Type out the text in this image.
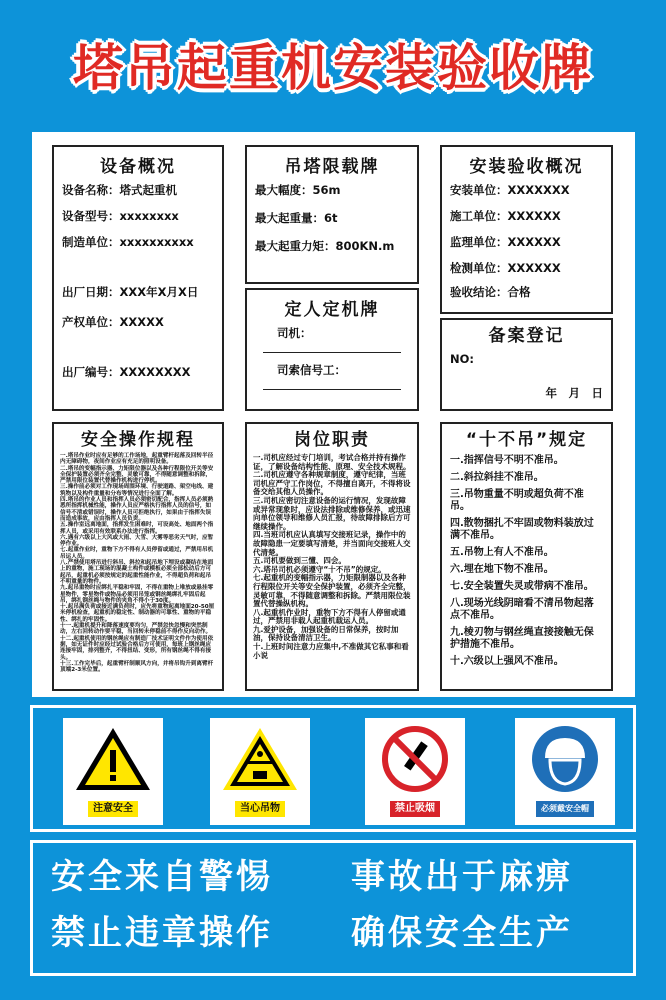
塔吊起重机安装验收牌
设备概况
设备名称：塔式起重机
设备型号：xxxxxxxx
制造单位：xxxxxxxxxx
出厂日期：XXX年X月X日
产权单位：XXXXX
出厂编号：XXXXXXXX
吊塔限载牌
最大幅度：56m
最大起重量：6t
最大起重力矩：800KN.m
定人定机牌
司机：
司索信号工：
安装验收概况
安装单位：XXXXXXX
施工单位：XXXXXX
监理单位：XXXXXX
检测单位：XXXXXX
验收结论：合格
备案登记
NO:
年　月　日
安全操作规程

一.塔吊作业时应有足够的工作场地，起重臂杆起落及回转半径内无障碍物，夜间作业应有充足的照明设备。

二.塔吊的变幅指示器、力矩限位器以及各种行程限位开关等安全保护装置必须齐全完整、灵敏可靠，不得随意调整和拆除，严禁用限位装置代替操作机构进行停机。

三.操作前必须对工作现场周围环境、行驶道路、架空电线、建筑物以及构件重量和分布等情况进行全面了解。

四.塔吊的作业人员和指挥人员必须密切配合，指挥人员必须熟悉所指挥机械性能，操作人员应严格执行指挥人员的信号，如信号不清或错误时，操作人员可拒绝执行，如果由于指挥失误而造成事故，应由指挥人员负责。

五.操作室远离地面，指挥发生困难时，可设高处、地面两个指挥人员，或采用有效联系办法进行指挥。

六.遇有六级以上大风或大雨、大雪、大雾等恶劣天气时，应暂停作业。

七.起重作业时，重物下方不得有人员停留或通过，严禁用吊机吊运人员。

八.严禁使用塔吊进行斜吊、斜拉和起吊地下埋设或凝结在地面上的重物，施工现场的混凝土构件或模板必须全部松动后方可起吊，起重机必须按规定的起重性能作业，不得超负荷和起吊不明重量的物件。

九.起吊重物时应绑扎平稳和牢固，不得在重物上堆放或悬挂零星物件，零星物件或物品必须用吊笼或钢丝绳绑扎牢固后起吊，绑扎钢丝绳与物件的夹角不得小于30度。

十.起吊满负荷或接近满负荷时，应先将重物起离地面20-50厘米停机检查，起重机的稳定性、制动器的可靠性、重物的平稳性、绑扎的牢固性。

十一.起重机提升和降落速度要均匀，严禁忽快忽慢和突然制动，左右回转动作要平稳，当回转未停稳前不得作反向动作。

十二.起重机使用的钢丝绳应有制造厂技术证明文件作为使用依据，如无证件时应经过试验合格后方可使用，每班上钢丝绳应连接牢固，排列整齐，不得扭结、变形，所有钢丝绳不得有接头。

十三.工作完毕后，起重臂杆制顺风方向，并将吊钩升到离臂杆顶端2-3米位置。

岗位职责

一.司机应经过专门培训，考试合格并持有操作证，了解设备结构性能、原理、安全技术规程。

二.司机应遵守各种规章制度，遵守纪律，当班司机应严守工作岗位，不得擅自离开，不得将设备交给其他人员操作。

三.司机应密切注意设备的运行情况，发现故障或异常现象时，应设法排除或维修保养，或迅速向单位领导和维修人员汇报，待故障排除后方可继续操作。

四.当班司机应认真填写交接班记录，操作中的故障隐患一定要填写清楚，并当面向交接班人交代清楚。

五.司机要做到三懂、四会。

六.塔吊司机必须遵守“十不吊”的规定。

七.起重机的变幅指示器，力矩限制器以及各种行程限位开关等安全保护装置，必须齐全完整，灵敏可靠，不得随意调整和拆除。严禁用限位装置代替操纵机构。

八.起重机作业时，重物下方不得有人停留或通过，严禁用非载人起重机载运人员。

九.爱护设备，加强设备的日常保养，按时加油，保持设备清洁卫生。

十.上班时间注意力应集中,不准做其它私事和看小说

“十不吊”规定

一.指挥信号不明不准吊。

二.斜拉斜挂不准吊。

三.吊物重量不明或超负荷不准吊。

四.散物捆扎不牢固或物料装放过满不准吊。

五.吊物上有人不准吊。

六.埋在地下物不准吊。

七.安全装置失灵或带病不准吊。

八.现场光线阴暗看不清吊物起落点不准吊。

九.棱刃物与钢丝绳直接接触无保护措施不准吊。

十.六级以上强风不准吊。

注意安全	当心吊物	禁止吸烟	必须戴安全帽
安全来自警惕 事故出于麻痹
禁止违章操作 确保安全生产
